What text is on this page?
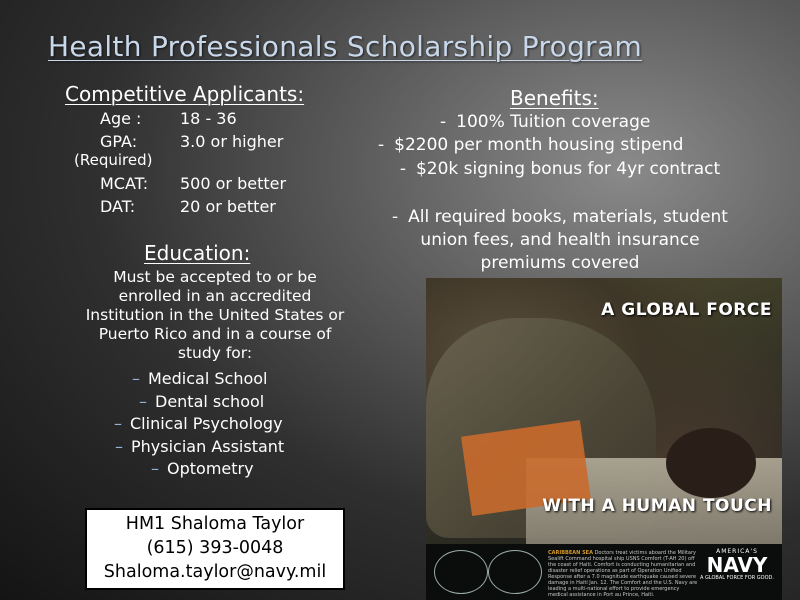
Health Professionals Scholarship Program
Competitive Applicants:
Age : 18 - 36
GPA:	3.0 or higher
(Required)
MCAT: 500 or better
DAT:	20 or better
Education:
Must be accepted to or be enrolled in an accredited Institution in the United States or Puerto Rico and in a course of study for:
– Medical School
– Dental school
– Clinical Psychology
– Physician Assistant
– Optometry
Benefits:
- 100% Tuition coverage
- $2200 per month housing stipend
- $20k signing bonus for 4yr contract
- All required books, materials, student union fees, and health insurance premiums covered
HM1 Shaloma Taylor
(615) 393-0048
Shaloma.taylor@navy.mil
A GLOBAL FORCE
WITH A HUMAN TOUCH
CARIBBEAN SEA Doctors treat victims aboard the Military Sealift Command hospital ship USNS Comfort (T-AH 20) off the coast of Haiti. Comfort is conducting humanitarian and disaster relief operations as part of Operation Unified Response after a 7.0 magnitude earthquake caused severe damage in Haiti Jan. 12. The Comfort and the U.S. Navy are leading a multi-national effort to provide emergency medical assistance in Port au Prince, Haiti.
AMERICA'S
NAVY
A GLOBAL FORCE FOR GOOD.
